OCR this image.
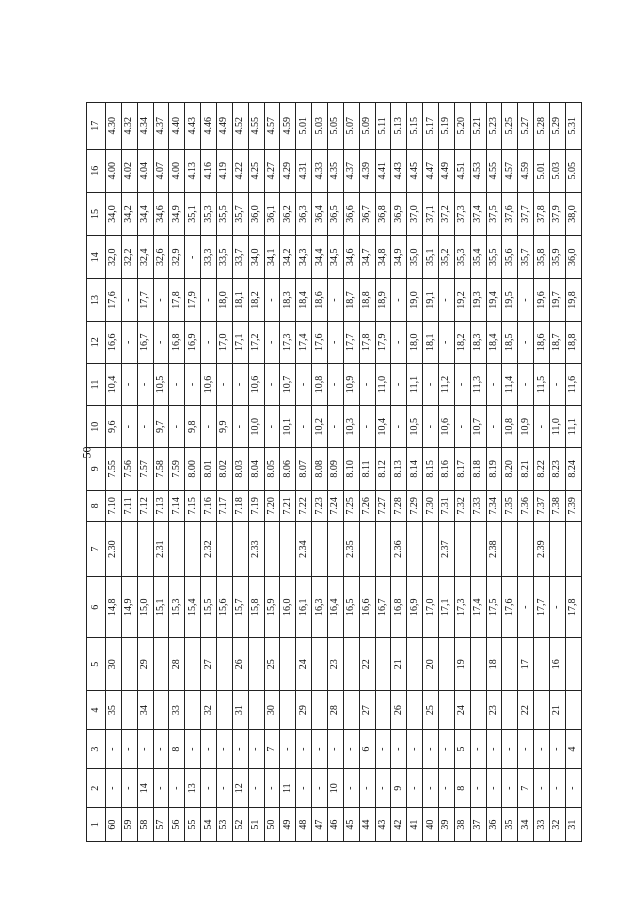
50
1	2	3	4	5	6	7	8	9	10	11	12	13	14	15	16	17
60	-	-	35	30	14,8	2.30	7.10	7.55	9,6	10,4	16,6	17,6	32,0	34,0	4.00	4.30
59	-	-			14,9		7.11	7.56	-	-	-	-	32,2	34,2	4.02	4.32
58	14	-	34	29	15,0		7.12	7.57	-	-	16,7	17,7	32,4	34,4	4.04	4.34
57	-	-			15,1	2.31	7.13	7.58	9,7	10,5	-	-	32,6	34,6	4.07	4.37
56	-	8	33	28	15,3		7.14	7.59	-	-	16,8	17,8	32,9	34,9	4.00	4.40
55	13	-			15,4		7.15	8.00	9,8	-	16,9	17,9	-	35,1	4.13	4.43
54	-	-	32	27	15,5	2.32	7.16	8.01	-	10,6	-	-	33,3	35,3	4.16	4.46
53	-	-			15,6		7.17	8.02	9,9	-	17,0	18,0	33,5	35,5	4.19	4.49
52	12	-	31	26	15,7		7.18	8.03	-	-	17,1	18,1	33,7	35,7	4.22	4.52
51	-	-			15,8	2.33	7.19	8.04	10,0	10,6	17,2	18,2	34,0	36,0	4.25	4.55
50	-	7	30	25	15,9		7.20	8.05	-	-	-	-	34,1	36,1	4.27	4.57
49	11	-			16,0		7.21	8.06	10,1	10,7	17,3	18,3	34,2	36,2	4.29	4.59
48	-	-	29	24	16,1	2.34	7.22	8.07	-	-	17,4	18,4	34,3	36,3	4.31	5.01
47	-	-			16,3		7.23	8.08	10,2	10,8	17,6	18,6	34,4	36,4	4.33	5.03
46	10	-	28	23	16,4		7.24	8.09	-	-	-	-	34,5	36,5	4.35	5.05
45	-	-			16,5	2.35	7.25	8.10	10,3	10,9	17,7	18,7	34,6	36,6	4.37	5.07
44	-	6	27	22	16,6		7.26	8.11	-	-	17,8	18,8	34,7	36,7	4.39	5.09
43	-	-			16,7		7.27	8.12	10,4	11,0	17,9	18,9	34,8	36,8	4.41	5.11
42	9	-	26	21	16,8	2.36	7.28	8.13	-	-	-	-	34,9	36,9	4.43	5.13
41	-	-			16,9		7.29	8.14	10,5	11,1	18,0	19,0	35,0	37,0	4.45	5.15
40	-	-	25	20	17,0		7.30	8.15	-	-	18,1	19,1	35,1	37,1	4.47	5.17
39	-	-			17,1	2.37	7.31	8.16	10,6	11,2	-	-	35,2	37,2	4.49	5.19
38	8	5	24	19	17,3		7.32	8.17	-	-	18,2	19,2	35,3	37,3	4.51	5.20
37	-	-			17,4		7.33	8.18	10,7	11,3	18,3	19,3	35,4	37,4	4.53	5.21
36	-	-	23	18	17,5	2.38	7.34	8.19	-	-	18,4	19,4	35,5	37,5	4.55	5.23
35	-	-			17,6		7.35	8.20	10,8	11,4	18,5	19,5	35,6	37,6	4.57	5.25
34	7	-	22	17	-		7.36	8.21	10,9	-	-	-	35,7	37,7	4.59	5.27
33	-	-			17,7	2.39	7.37	8.22	-	11,5	18,6	19,6	35,8	37,8	5.01	5.28
32	-	-	21	16	-		7.38	8.23	11,0	-	18,7	19,7	35,9	37,9	5.03	5.29
31	-	4			17,8		7.39	8.24	11,1	11,6	18,8	19,8	36,0	38,0	5.05	5.31
